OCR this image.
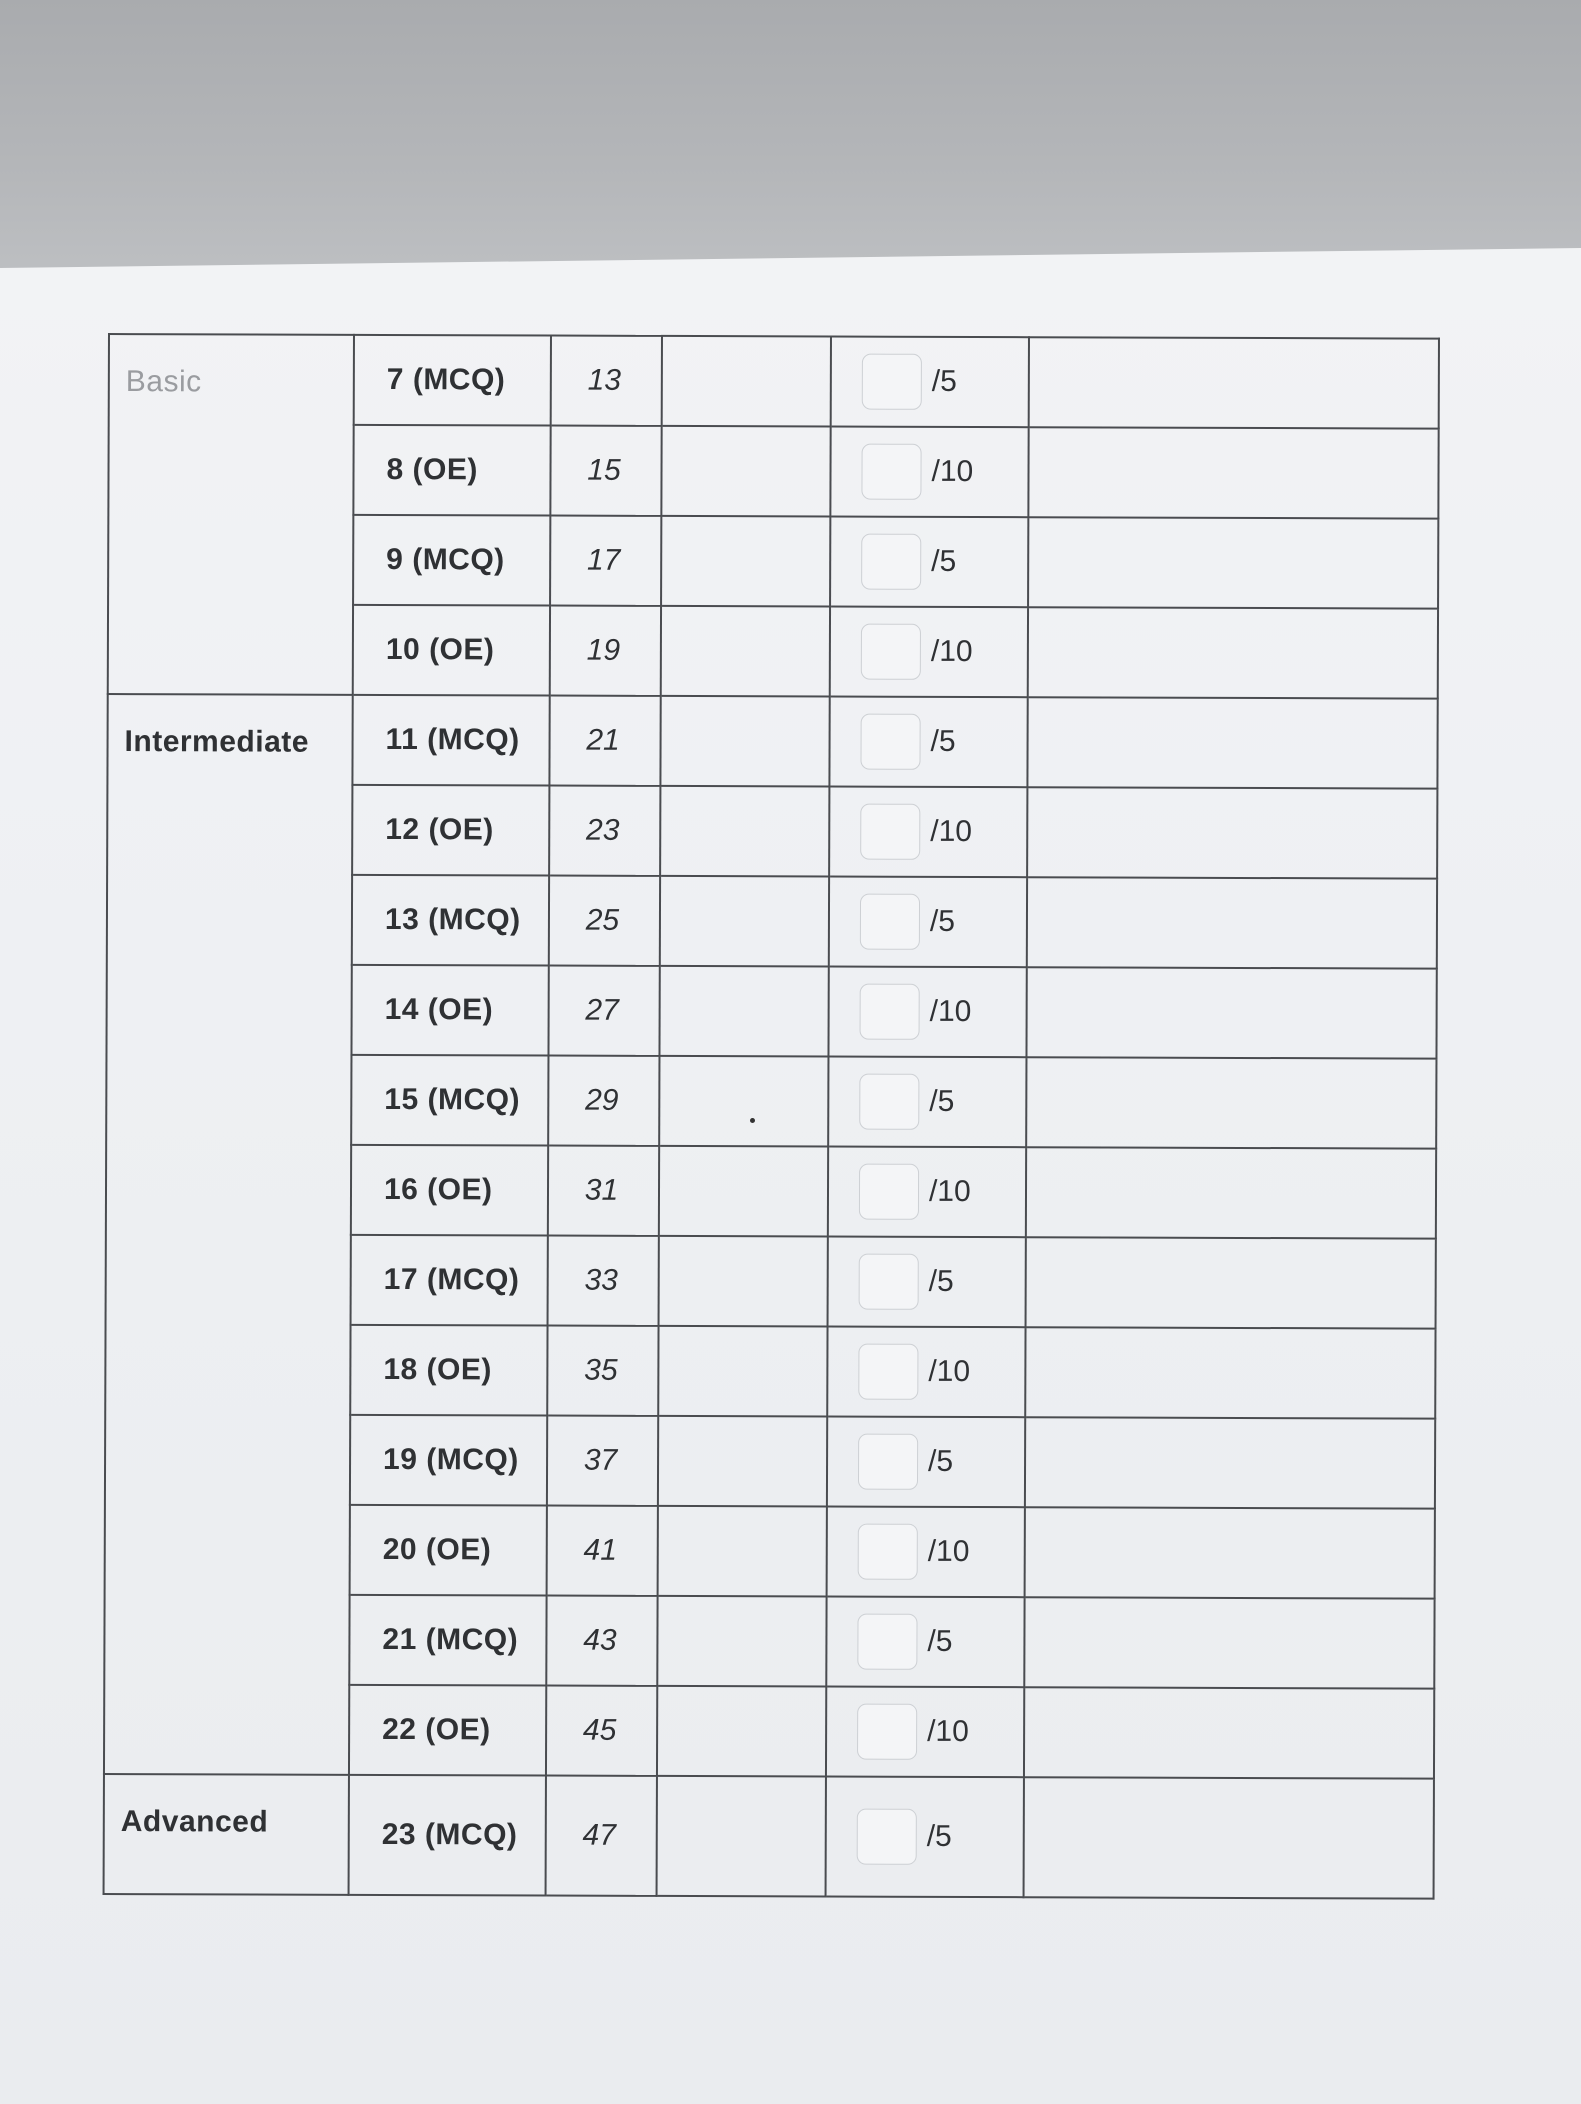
Basic	7 (MCQ)	13		/5	

	8 (OE)	15		/10	

	9 (MCQ)	17		/5	

	10 (OE)	19		/10	

Intermediate	11 (MCQ)	21		/5	

	12 (OE)	23		/10	

	13 (MCQ)	25		/5	

	14 (OE)	27		/10	

	15 (MCQ)	29		/5	

	16 (OE)	31		/10	

	17 (MCQ)	33		/5	

	18 (OE)	35		/10	

	19 (MCQ)	37		/5	

	20 (OE)	41		/10	

	21 (MCQ)	43		/5	

	22 (OE)	45		/10	

Advanced	23 (MCQ)	47		/5	
